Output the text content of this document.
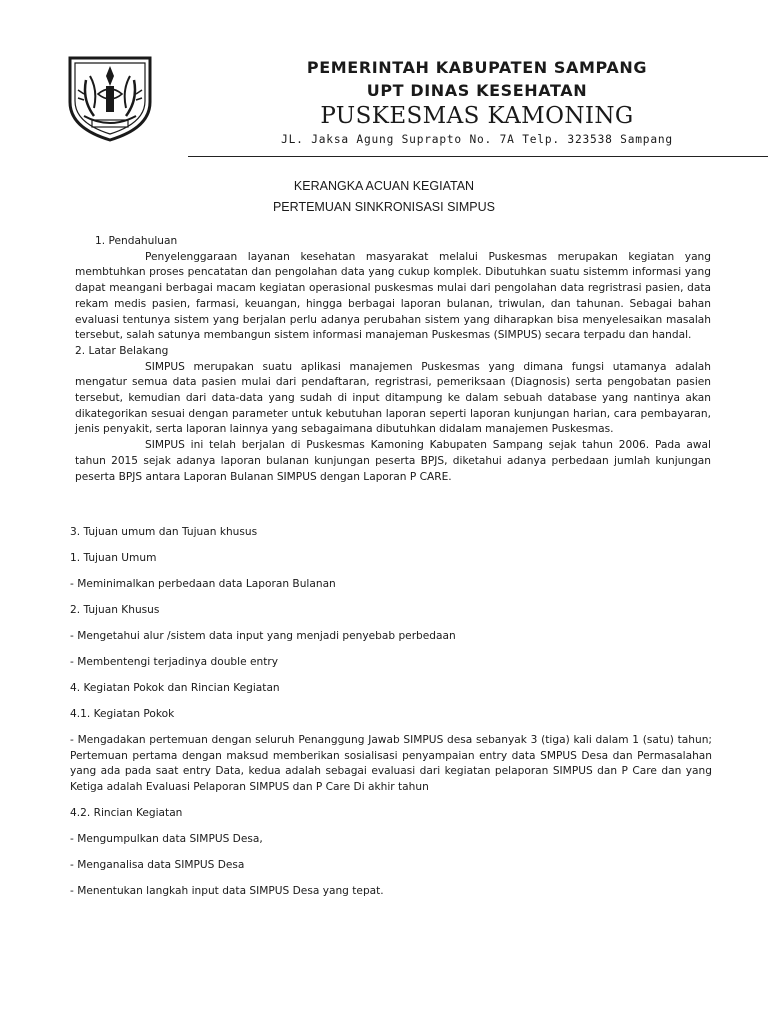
PEMERINTAH KABUPATEN SAMPANG
UPT DINAS KESEHATAN
PUSKESMAS KAMONING
JL. Jaksa Agung Suprapto No. 7A Telp. 323538 Sampang
KERANGKA ACUAN KEGIATAN
PERTEMUAN SINKRONISASI SIMPUS

1. Pendahuluan

Penyelenggaraan layanan kesehatan masyarakat melalui Puskesmas merupakan kegiatan yang membtuhkan proses pencatatan dan pengolahan data yang cukup komplek. Dibutuhkan suatu sistemm informasi yang dapat meangani berbagai macam kegiatan operasional puskesmas mulai dari pengolahan data regristrasi pasien, data rekam medis pasien, farmasi, keuangan, hingga berbagai laporan bulanan, triwulan, dan tahunan. Sebagai bahan evaluasi tentunya sistem yang berjalan perlu adanya perubahan sistem yang diharapkan bisa menyelesaikan masalah tersebut, salah satunya membangun sistem informasi manajeman Puskesmas (SIMPUS) secara terpadu dan handal.

2. Latar Belakang

SIMPUS merupakan suatu aplikasi manajemen Puskesmas yang dimana fungsi utamanya adalah mengatur semua data pasien mulai dari pendaftaran, regristrasi, pemeriksaan (Diagnosis) serta pengobatan pasien tersebut, kemudian dari data-data yang sudah di input ditampung ke dalam sebuah database yang nantinya akan dikategorikan sesuai dengan parameter untuk kebutuhan laporan seperti laporan kunjungan harian, cara pembayaran, jenis penyakit, serta laporan lainnya yang sebagaimana dibutuhkan didalam manajemen Puskesmas.

SIMPUS ini telah berjalan di Puskesmas Kamoning Kabupaten Sampang sejak tahun 2006. Pada awal tahun 2015 sejak adanya laporan bulanan kunjungan peserta BPJS, diketahui adanya perbedaan jumlah kunjungan peserta BPJS antara Laporan Bulanan SIMPUS dengan Laporan P CARE.

3. Tujuan umum dan Tujuan khusus

1. Tujuan Umum

- Meminimalkan perbedaan data Laporan Bulanan

2. Tujuan Khusus

- Mengetahui alur /sistem data input yang menjadi penyebab perbedaan

- Membentengi terjadinya double entry

4. Kegiatan Pokok dan Rincian Kegiatan

4.1. Kegiatan Pokok

- Mengadakan pertemuan dengan seluruh Penanggung Jawab SIMPUS desa sebanyak 3 (tiga) kali dalam 1 (satu) tahun; Pertemuan pertama dengan maksud memberikan sosialisasi penyampaian entry data SMPUS Desa dan Permasalahan yang ada pada saat entry Data, kedua adalah sebagai evaluasi dari kegiatan pelaporan SIMPUS dan P Care dan yang Ketiga adalah Evaluasi Pelaporan SIMPUS dan P Care Di akhir tahun

4.2. Rincian Kegiatan

- Mengumpulkan data SIMPUS Desa,

- Menganalisa data SIMPUS Desa

- Menentukan langkah input data SIMPUS Desa yang tepat.
